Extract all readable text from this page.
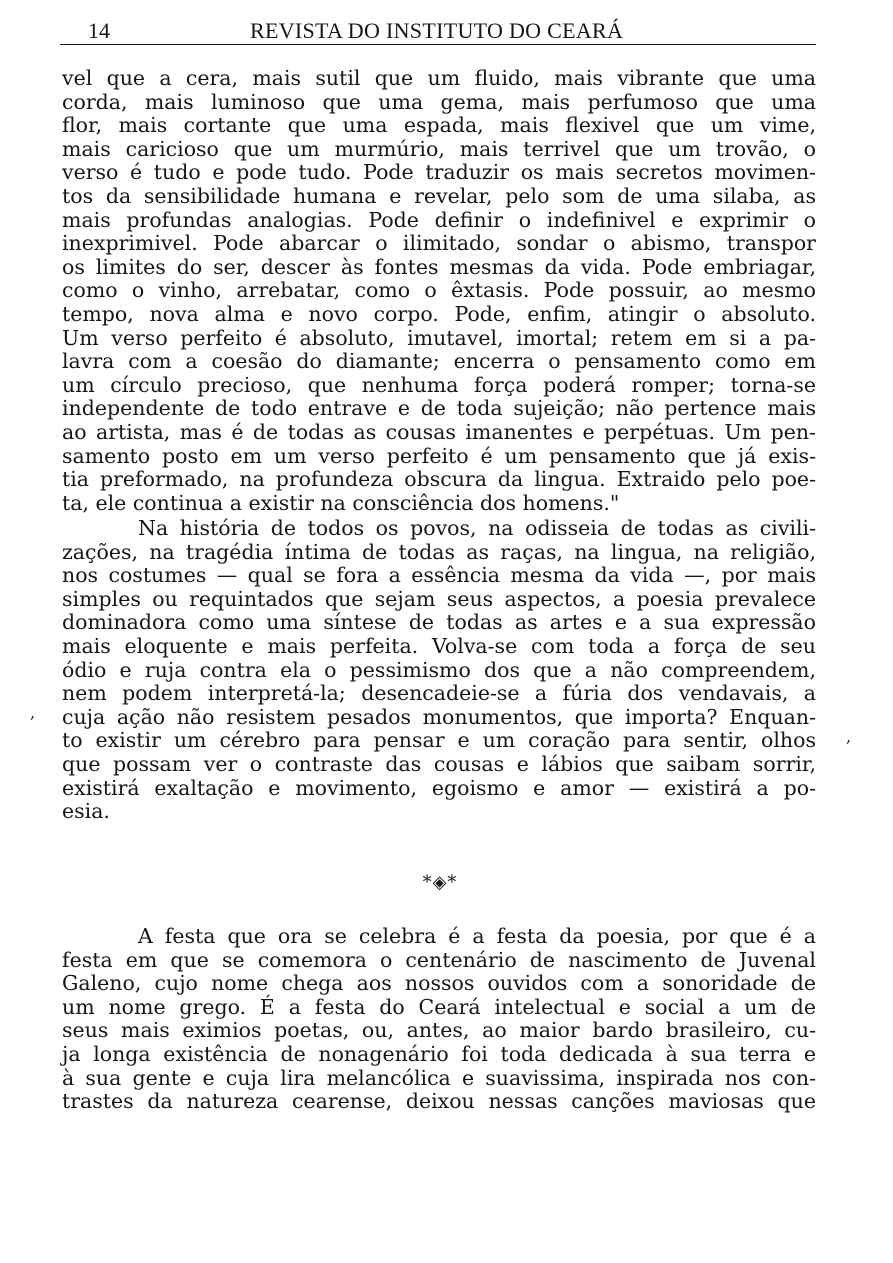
14	REVISTA DO INSTITUTO DO CEARÁ
vel que a cera, mais sutil que um fluido, mais vibrante que uma
corda, mais luminoso que uma gema, mais perfumoso que uma
flor, mais cortante que uma espada, mais flexivel que um vime,
mais caricioso que um murmúrio, mais terrivel que um trovão, o
verso é tudo e pode tudo. Pode traduzir os mais secretos movimen-
tos da sensibilidade humana e revelar, pelo som de uma silaba, as
mais profundas analogias. Pode definir o indefinivel e exprimir o
inexprimivel. Pode abarcar o ilimitado, sondar o abismo, transpor
os limites do ser, descer às fontes mesmas da vida. Pode embriagar,
como o vinho, arrebatar, como o êxtasis. Pode possuir, ao mesmo
tempo, nova alma e novo corpo. Pode, enfim, atingir o absoluto.
Um verso perfeito é absoluto, imutavel, imortal; retem em si a pa-
lavra com a coesão do diamante; encerra o pensamento como em
um círculo precioso, que nenhuma força poderá romper; torna-se
independente de todo entrave e de toda sujeição; não pertence mais
ao artista, mas é de todas as cousas imanentes e perpétuas. Um pen-
samento posto em um verso perfeito é um pensamento que já exis-
tia preformado, na profundeza obscura da lingua. Extraido pelo poe-
ta, ele continua a existir na consciência dos homens."
Na história de todos os povos, na odisseia de todas as civili-
zações, na tragédia íntima de todas as raças, na lingua, na religião,
nos costumes — qual se fora a essência mesma da vida —, por mais
simples ou requintados que sejam seus aspectos, a poesia prevalece
dominadora como uma síntese de todas as artes e a sua expressão
mais eloquente e mais perfeita. Volva-se com toda a força de seu
ódio e ruja contra ela o pessimismo dos que a não compreendem,
nem podem interpretá-la; desencadeie-se a fúria dos vendavais, a
cuja ação não resistem pesados monumentos, que importa? Enquan-
to existir um cérebro para pensar e um coração para sentir, olhos
que possam ver o contraste das cousas e lábios que saibam sorrir,
existirá exaltação e movimento, egoismo e amor — existirá a po-
esia.
*◈*
A festa que ora se celebra é a festa da poesia, por que é a
festa em que se comemora o centenário de nascimento de Juvenal
Galeno, cujo nome chega aos nossos ouvidos com a sonoridade de
um nome grego. É a festa do Ceará intelectual e social a um de
seus mais eximios poetas, ou, antes, ao maior bardo brasileiro, cu-
ja longa existência de nonagenário foi toda dedicada à sua terra e
à sua gente e cuja lira melancólica e suavissima, inspirada nos con-
trastes da natureza cearense, deixou nessas canções maviosas que
,
,
